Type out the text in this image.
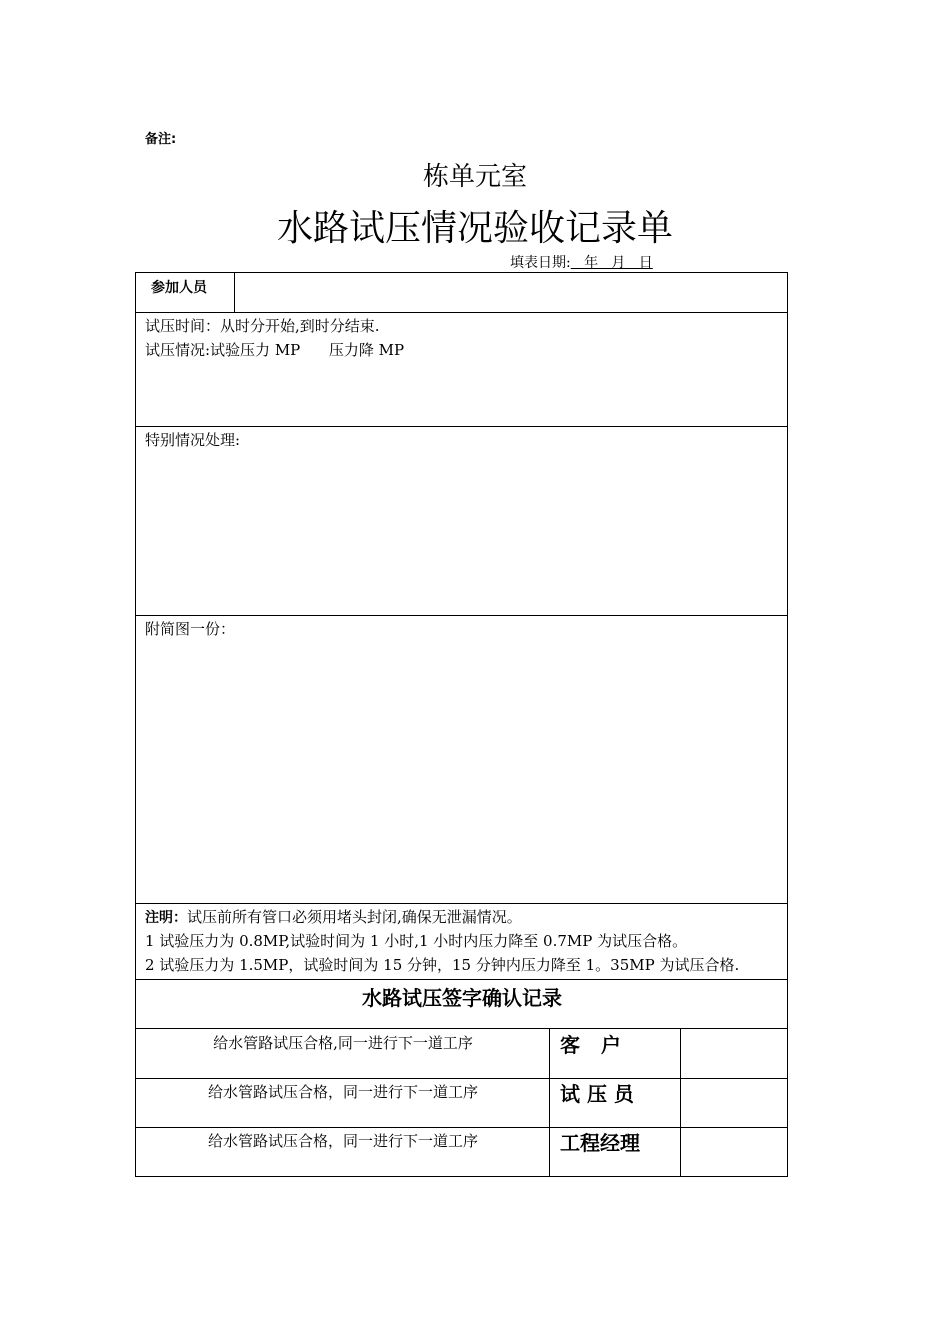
备注:
栋单元室
水路试压情况验收记录单
填表日期:   年   月   日
参加人员
试压时间：从时分开始,到时分结束.
试压情况:试验压力 MP      压力降 MP
特别情况处理:
附简图一份：
注明：试压前所有管口必须用堵头封闭,确保无泄漏情况。
1 试验压力为 0.8MP,试验时间为 1 小时,1 小时内压力降至 0.7MP 为试压合格。
2 试验压力为 1.5MP，试验时间为 15 分钟，15 分钟内压力降至 1。35MP 为试压合格.
水路试压签字确认记录
给水管路试压合格,同一进行下一道工序	客   户
给水管路试压合格，同一进行下一道工序	试 压 员
给水管路试压合格，同一进行下一道工序	工程经理
